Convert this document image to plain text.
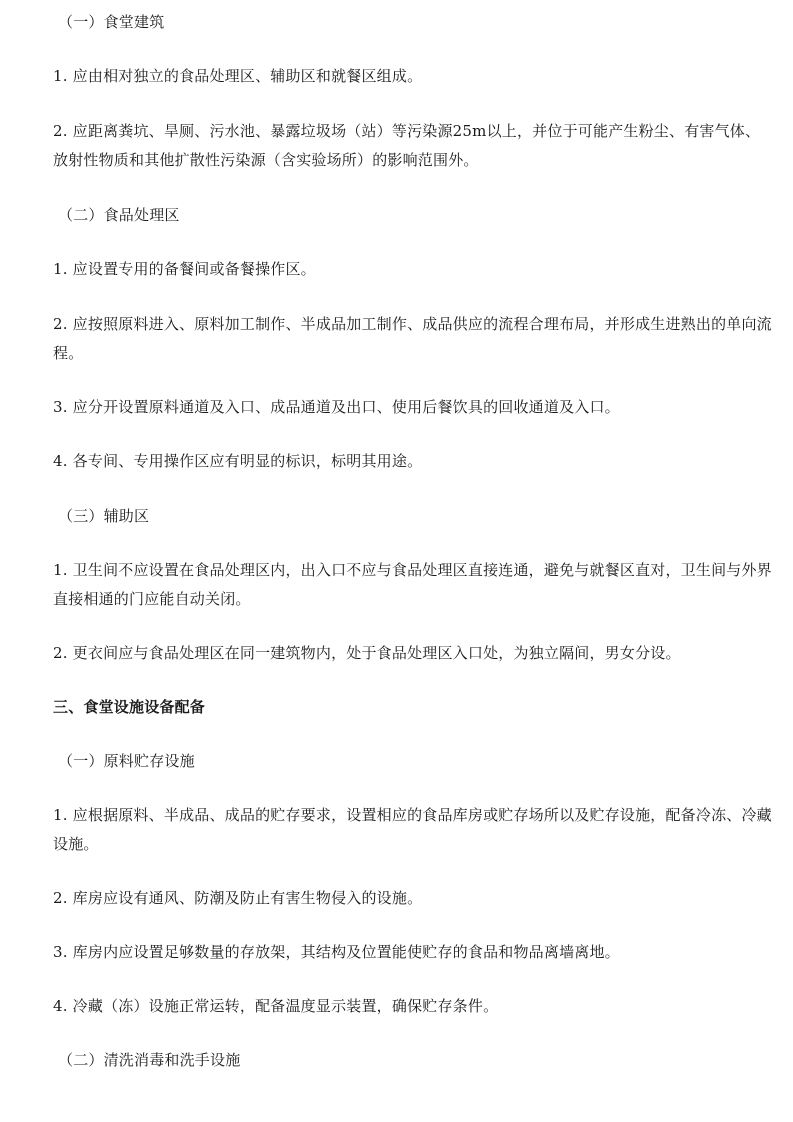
（一）食堂建筑
1. 应由相对独立的食品处理区、辅助区和就餐区组成。
2. 应距离粪坑、旱厕、污水池、暴露垃圾场（站）等污染源25m以上，并位于可能产生粉尘、有害气体、放射性物质和其他扩散性污染源（含实验场所）的影响范围外。
（二）食品处理区
1. 应设置专用的备餐间或备餐操作区。
2. 应按照原料进入、原料加工制作、半成品加工制作、成品供应的流程合理布局，并形成生进熟出的单向流程。
3. 应分开设置原料通道及入口、成品通道及出口、使用后餐饮具的回收通道及入口。
4. 各专间、专用操作区应有明显的标识，标明其用途。
（三）辅助区
1. 卫生间不应设置在食品处理区内，出入口不应与食品处理区直接连通，避免与就餐区直对，卫生间与外界直接相通的门应能自动关闭。
2. 更衣间应与食品处理区在同一建筑物内，处于食品处理区入口处，为独立隔间，男女分设。
三、食堂设施设备配备
（一）原料贮存设施
1. 应根据原料、半成品、成品的贮存要求，设置相应的食品库房或贮存场所以及贮存设施，配备冷冻、冷藏设施。
2. 库房应设有通风、防潮及防止有害生物侵入的设施。
3. 库房内应设置足够数量的存放架，其结构及位置能使贮存的食品和物品离墙离地。
4. 冷藏（冻）设施正常运转，配备温度显示装置，确保贮存条件。
（二）清洗消毒和洗手设施
